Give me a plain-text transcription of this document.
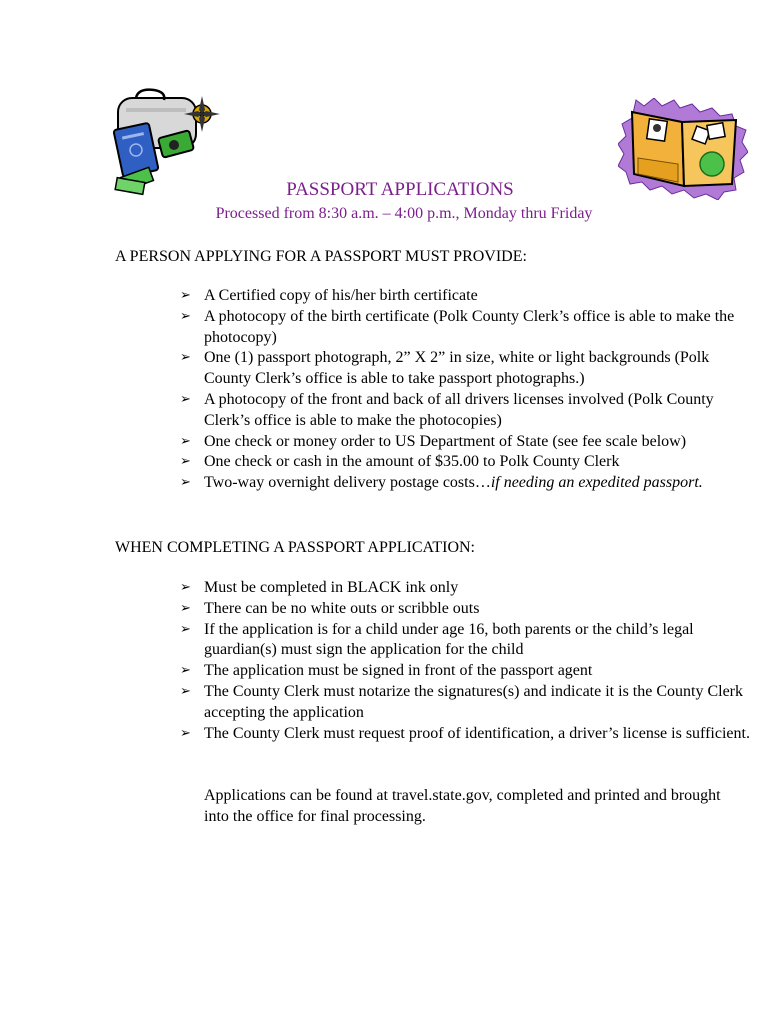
PASSPORT APPLICATIONS
Processed from 8:30 a.m. – 4:00 p.m., Monday thru Friday

A PERSON APPLYING FOR A PASSPORT MUST PROVIDE:

➢ A Certified copy of his/her birth certificate
➢ A photocopy of the birth certificate (Polk County Clerk’s office is able to make the photocopy)
➢ One (1) passport photograph, 2” X 2” in size, white or light backgrounds (Polk County Clerk’s office is able to take passport photographs.)
➢ A photocopy of the front and back of all drivers licenses involved (Polk County Clerk’s office is able to make the photocopies)
➢ One check or money order to US Department of State (see fee scale below)
➢ One check or cash in the amount of $35.00 to Polk County Clerk
➢ Two-way overnight delivery postage costs…if needing an expedited passport.

WHEN COMPLETING A PASSPORT APPLICATION:

➢ Must be completed in BLACK ink only
➢ There can be no white outs or scribble outs
➢ If the application is for a child under age 16, both parents or the child’s legal guardian(s) must sign the application for the child
➢ The application must be signed in front of the passport agent
➢ The County Clerk must notarize the signatures(s) and indicate it is the County Clerk accepting the application
➢ The County Clerk must request proof of identification, a driver’s license is sufficient.

Applications can be found at travel.state.gov, completed and printed and brought into the office for final processing.
